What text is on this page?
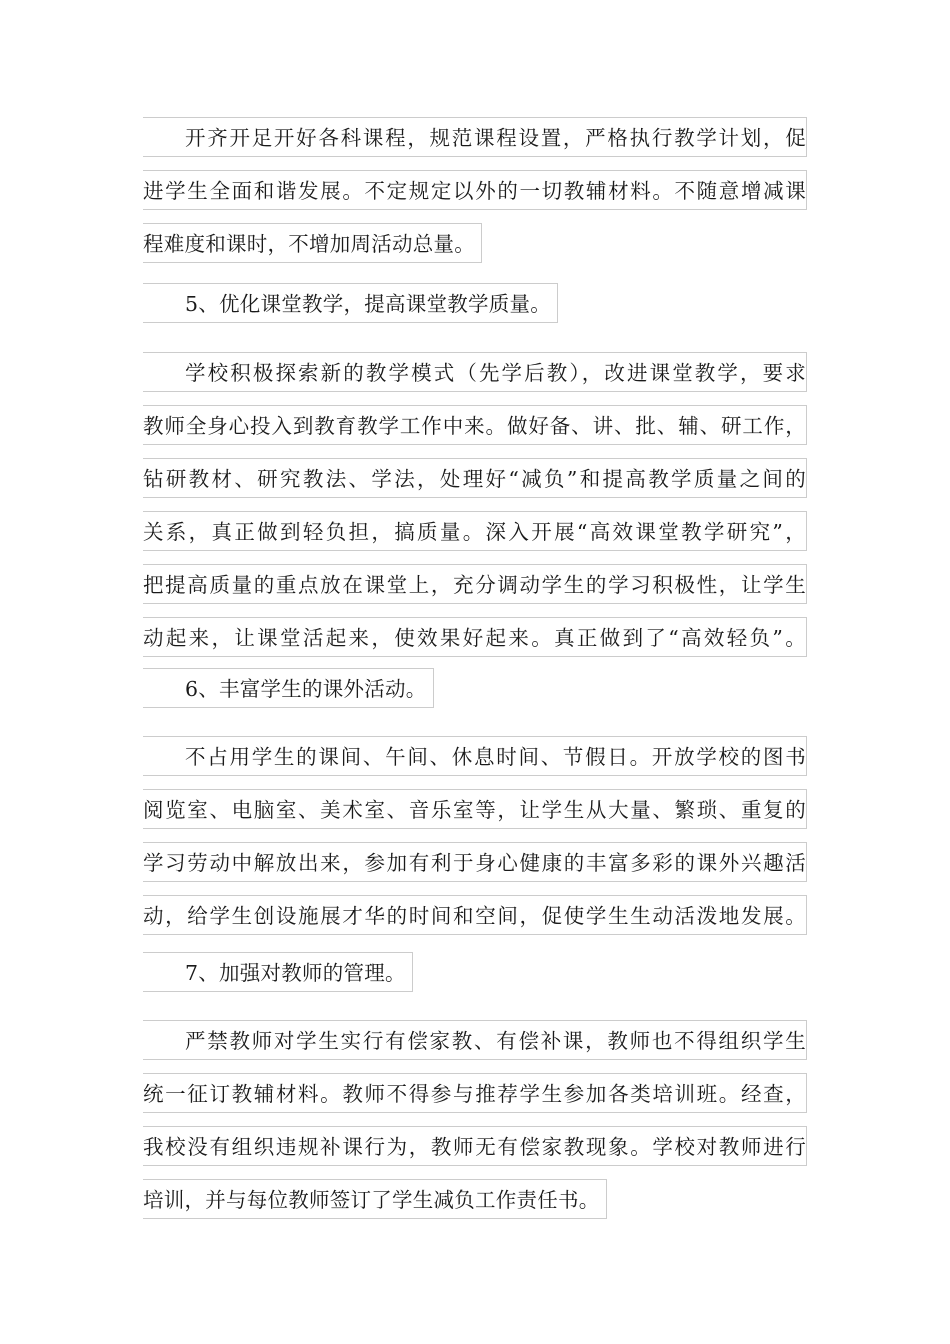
开齐开足开好各科课程，规范课程设置，严格执行教学计划，促
进学生全面和谐发展。不定规定以外的一切教辅材料。不随意增减课
程难度和课时，不增加周活动总量。
5、优化课堂教学，提高课堂教学质量。
学校积极探索新的教学模式（先学后教），改进课堂教学，要求
教师全身心投入到教育教学工作中来。做好备、讲、批、辅、研工作，
钻研教材、研究教法、学法，处理好“减负”和提高教学质量之间的
关系，真正做到轻负担，搞质量。深入开展“高效课堂教学研究”，
把提高质量的重点放在课堂上，充分调动学生的学习积极性，让学生
动起来，让课堂活起来，使效果好起来。真正做到了“高效轻负”。
6、丰富学生的课外活动。
不占用学生的课间、午间、休息时间、节假日。开放学校的图书
阅览室、电脑室、美术室、音乐室等，让学生从大量、繁琐、重复的
学习劳动中解放出来，参加有利于身心健康的丰富多彩的课外兴趣活
动，给学生创设施展才华的时间和空间，促使学生生动活泼地发展。
7、加强对教师的管理。
严禁教师对学生实行有偿家教、有偿补课，教师也不得组织学生
统一征订教辅材料。教师不得参与推荐学生参加各类培训班。经查，
我校没有组织违规补课行为，教师无有偿家教现象。学校对教师进行
培训，并与每位教师签订了学生减负工作责任书。
